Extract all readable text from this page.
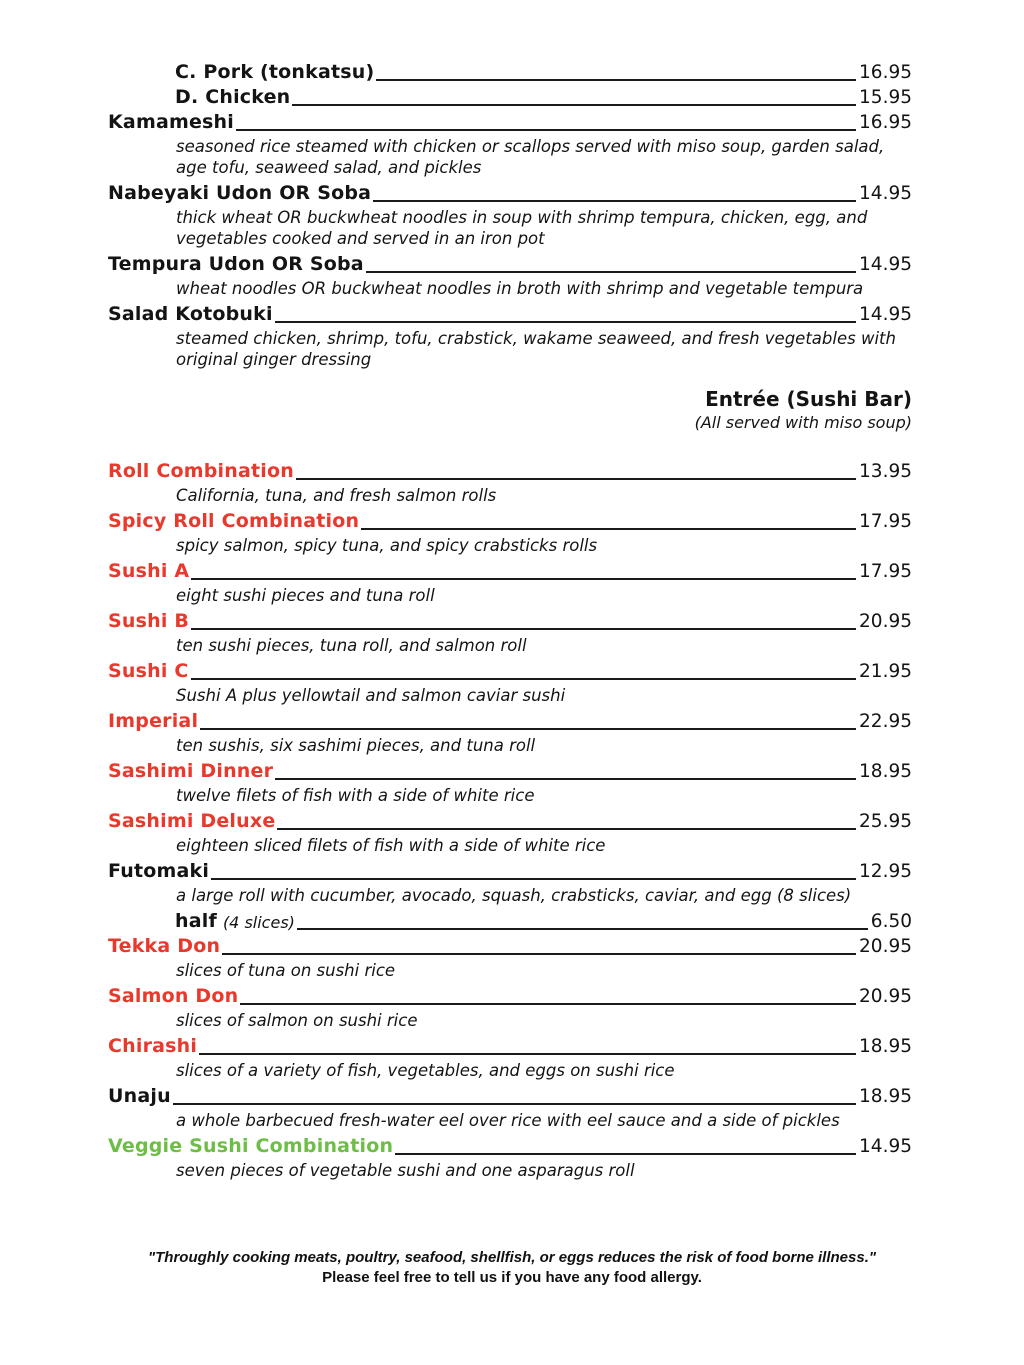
C. Pork (tonkatsu)	16.95
D. Chicken	15.95
Kamameshi	16.95
seasoned rice steamed with chicken or scallops served with miso soup, garden salad, age tofu, seaweed salad, and pickles
Nabeyaki Udon OR Soba	14.95
thick wheat OR buckwheat noodles in soup with shrimp tempura, chicken, egg, and vegetables cooked and served in an iron pot
Tempura Udon OR Soba	14.95
wheat noodles OR buckwheat noodles in broth with shrimp and vegetable tempura
Salad Kotobuki	14.95
steamed chicken, shrimp, tofu, crabstick, wakame seaweed, and fresh vegetables with original ginger dressing
Entrée (Sushi Bar)
(All served with miso soup)
Roll Combination	13.95
California, tuna, and fresh salmon rolls
Spicy Roll Combination	17.95
spicy salmon, spicy tuna, and spicy crabsticks rolls
Sushi A	17.95
eight sushi pieces and tuna roll
Sushi B	20.95
ten sushi pieces, tuna roll, and salmon roll
Sushi C	21.95
Sushi A plus yellowtail and salmon caviar sushi
Imperial	22.95
ten sushis, six sashimi pieces, and tuna roll
Sashimi Dinner	18.95
twelve filets of fish with a side of white rice
Sashimi Deluxe	25.95
eighteen sliced filets of fish with a side of white rice
Futomaki	12.95
a large roll with cucumber, avocado, squash, crabsticks, caviar, and egg (8 slices)
half (4 slices)	6.50
Tekka Don	20.95
slices of tuna on sushi rice
Salmon Don	20.95
slices of salmon on sushi rice
Chirashi	18.95
slices of a variety of fish, vegetables, and eggs on sushi rice
Unaju	18.95
a whole barbecued fresh-water eel over rice with eel sauce and a side of pickles
Veggie Sushi Combination	14.95
seven pieces of vegetable sushi and one asparagus roll
"Throughly cooking meats, poultry, seafood, shellfish, or eggs reduces the risk of food borne illness."
Please feel free to tell us if you have any food allergy.
